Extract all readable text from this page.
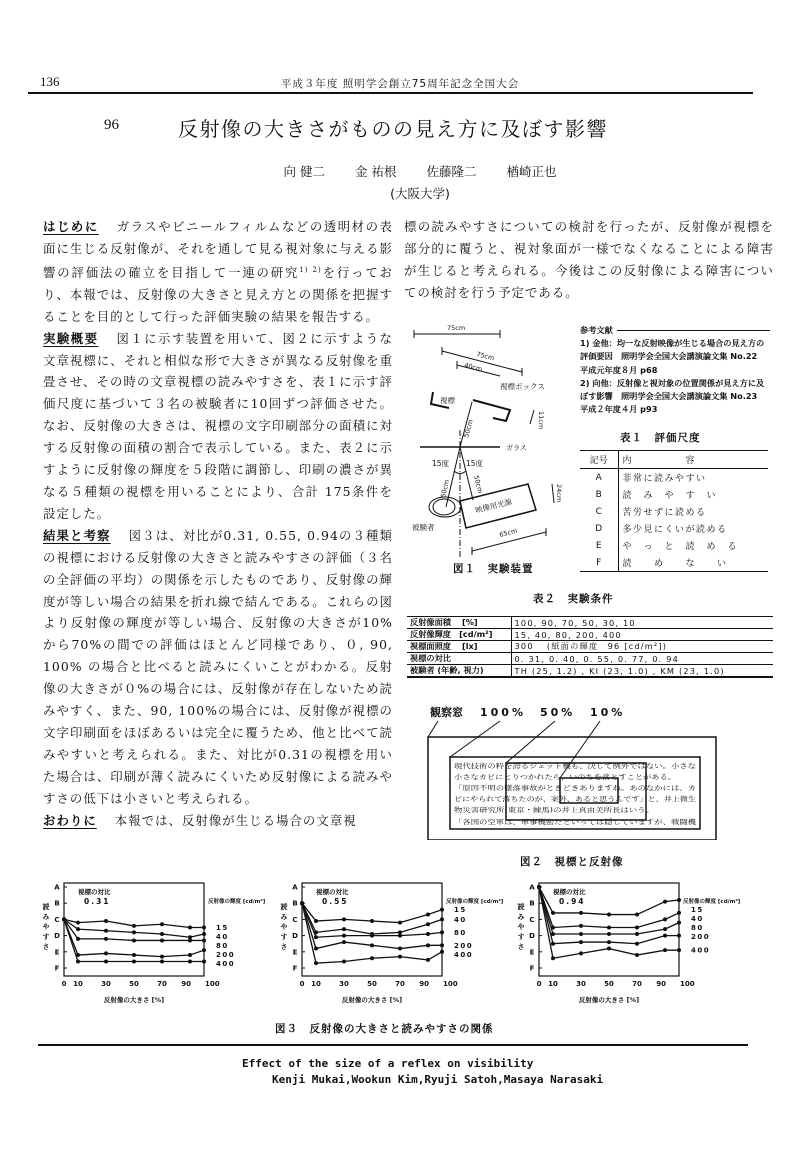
136	平成３年度 照明学会創立75周年記念全国大会
96	反射像の大きさがものの見え方に及ぼす影響
向 健二 金 祐根 佐藤隆二 楢崎正也
(大阪大学)
はじめに ガラスやビニールフィルムなどの透明材の表面に生じる反射像が、それを通して見る視対象に与える影響の評価法の確立を目指して一連の研究$^{1) 2)}$を行っており、本報では、反射像の大きさと見え方との関係を把握することを目的として行った評価実験の結果を報告する。
実験概要 図１に示す装置を用いて、図２に示すような文章視標に、それと相似な形で大きさが異なる反射像を重畳させ、その時の文章視標の読みやすさを、表１に示す評価尺度に基づいて３名の被験者に10回ずつ評価させた。なお、反射像の大きさは、視標の文字印刷部分の面積に対する反射像の面積の割合で表示している。また、表２に示すように反射像の輝度を５段階に調節し、印刷の濃さが異なる５種類の視標を用いることにより、合計 175条件を設定した。
結果と考察 図３は、対比が0.31, 0.55, 0.94の３種類の視標における反射像の大きさと読みやすさの評価（３名の全評価の平均）の関係を示したものであり、反射像の輝度が等しい場合の結果を折れ線で結んである。これらの図より反射像の輝度が等しい場合、反射像の大きさが10%から70%の間での評価はほとんど同様であり、０, 90, 100% の場合と比べると読みにくいことがわかる。反射像の大きさが０%の場合には、反射像が存在しないため読みやすく、また、90, 100%の場合には、反射像が視標の文字印刷面をほぼあるいは完全に覆うため、他と比べて読みやすいと考えられる。また、対比が0.31の視標を用いた場合は、印刷が薄く読みにくいため反射像による読みやすさの低下は小さいと考えられる。
おわりに 本報では、反射像が生じる場合の文章視
標の読みやすさについての検討を行ったが、反射像が視標を部分的に覆うと、視対象面が一様でなくなることによる障害が生じると考えられる。今後はこの反射像による障害についての検討を行う予定である。
75cm
75cm
40cm
視標ボックス
視標
11cm
50cm
ガラス
15度 15度
50cm	50cm
映像用光源
24cm
被験者	65cm
図１　実験装置
参考文献
1) 金他：均一な反射映像が生じる場合の見え方の評価要因　照明学会全国大会講演論文集 No.22　平成元年度８月 p68
2) 向他：反射像と視対象の位置関係が見え方に及ぼす影響　照明学会全国大会講演論文集 No.23　平成２年度４月 p93
表１　評価尺度
記号	内　　　　　容
A	非常に読みやすい
B	読　み　や　す　い
C	苦労せずに読める
D	多少見にくいが読める
E	や　っ　と　読　め　る
F	読　　め　　な　　い
表２　実験条件
反射像面積　 [%]	100, 90, 70, 50, 30, 10
反射像輝度　[cd/m²]	15, 40, 80, 200, 400
視標面照度　 [lx]	300　 (紙面の輝度　96 [cd/m²])
視標の対比	0. 31, 0. 40, 0. 55, 0. 77, 0. 94
被験者 (年齢, 視力)	TH (25, 1.2) , KI (23, 1.0) , KM (23, 1.0)
観察窓 100% 50% 10%
現代技術の粋を誇るジェット機も、決して例外ではない。小さな
小さなカビにとりつかれたら、いのちを落とすことがある。
「原因不明の墜落事故がときどきありますね。あのなかには、カ
ビにやられて落ちたのが、案外、あると思うんです」と、井上微生
物災害研究所(東京・練馬)の井上真由美所長はいう。
「各国の空軍は、軍事機密だといっては隠していますが、戦闘機
図２　視標と反射像
A
B
C
D
E
F
読みやすさ
0 10	30	50	70 90 100
反射像の大きさ [%]
視標の対比
0.31	反射像の輝度 [cd/m²]
15
40
80
200
400
A
B
C
D
E
F
読みやすさ
0 10	30	50	70 90 100
反射像の大きさ [%]
視標の対比
0.55	反射像の輝度 [cd/m²]
15
40
80
200
400
A
B
C
D
E
F
読みやすさ
0 10	30	50	70 90 100
反射像の大きさ [%]
視標の対比
0.94	反射像の輝度 [cd/m²]
15
40
80
200
400
図３　反射像の大きさと読みやすさの関係
Effect of the size of a reflex on visibility
Kenji Mukai,Wookun Kim,Ryuji Satoh,Masaya Narasaki
